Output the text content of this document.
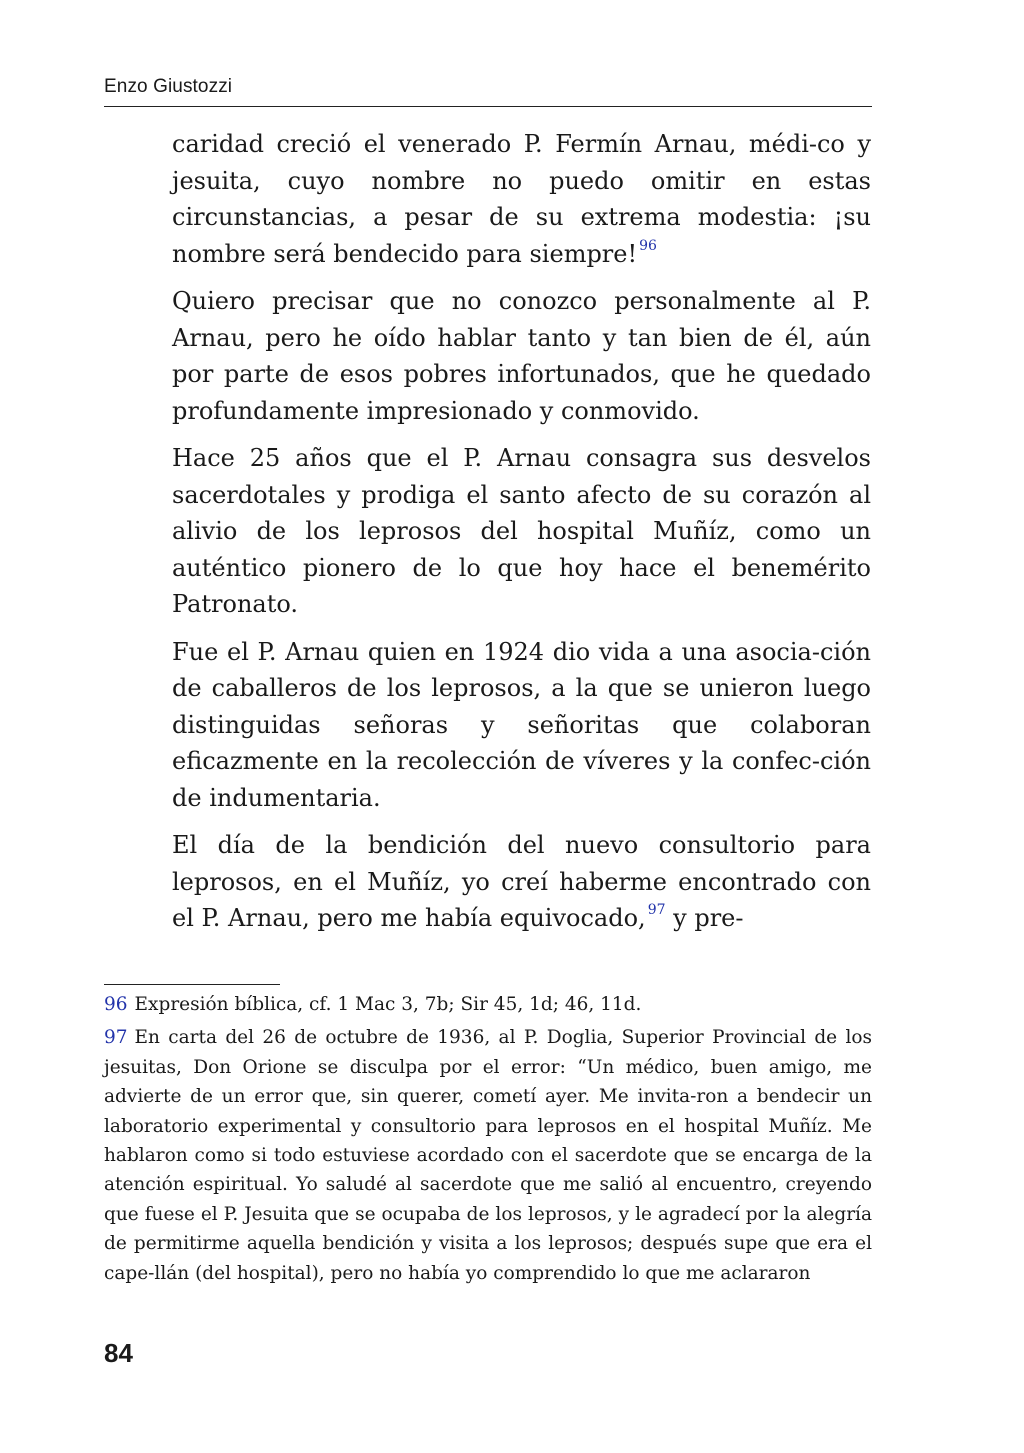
Enzo Giustozzi

caridad creció el venerado P. Fermín Arnau, médi-co y jesuita, cuyo nombre no puedo omitir en estas circunstancias, a pesar de su extrema modestia: ¡su nombre será bendecido para siempre! $^{96}$

Quiero precisar que no conozco personalmente al P. Arnau, pero he oído hablar tanto y tan bien de él, aún por parte de esos pobres infortunados, que he quedado profundamente impresionado y conmovido.

Hace 25 años que el P. Arnau consagra sus desvelos sacerdotales y prodiga el santo afecto de su corazón al alivio de los leprosos del hospital Muñíz, como un auténtico pionero de lo que hoy hace el benemérito Patronato.

Fue el P. Arnau quien en 1924 dio vida a una asocia-ción de caballeros de los leprosos, a la que se unieron luego distinguidas señoras y señoritas que colaboran eficazmente en la recolección de víveres y la confec-ción de indumentaria.

El día de la bendición del nuevo consultorio para leprosos, en el Muñíz, yo creí haberme encontrado con el P. Arnau, pero me había equivocado, $^{97}$ y pre-

96 Expresión bíblica, cf. 1 Mac 3, 7b; Sir 45, 1d; 46, 11d.

97 En carta del 26 de octubre de 1936, al P. Doglia, Superior Provincial de los jesuitas, Don Orione se disculpa por el error: “Un médico, buen amigo, me advierte de un error que, sin querer, cometí ayer. Me invita-ron a bendecir un laboratorio experimental y consultorio para leprosos en el hospital Muñíz. Me hablaron como si todo estuviese acordado con el sacerdote que se encarga de la atención espiritual. Yo saludé al sacerdote que me salió al encuentro, creyendo que fuese el P. Jesuita que se ocupaba de los leprosos, y le agradecí por la alegría de permitirme aquella bendición y visita a los leprosos; después supe que era el cape-llán (del hospital), pero no había yo comprendido lo que me aclararon

84
